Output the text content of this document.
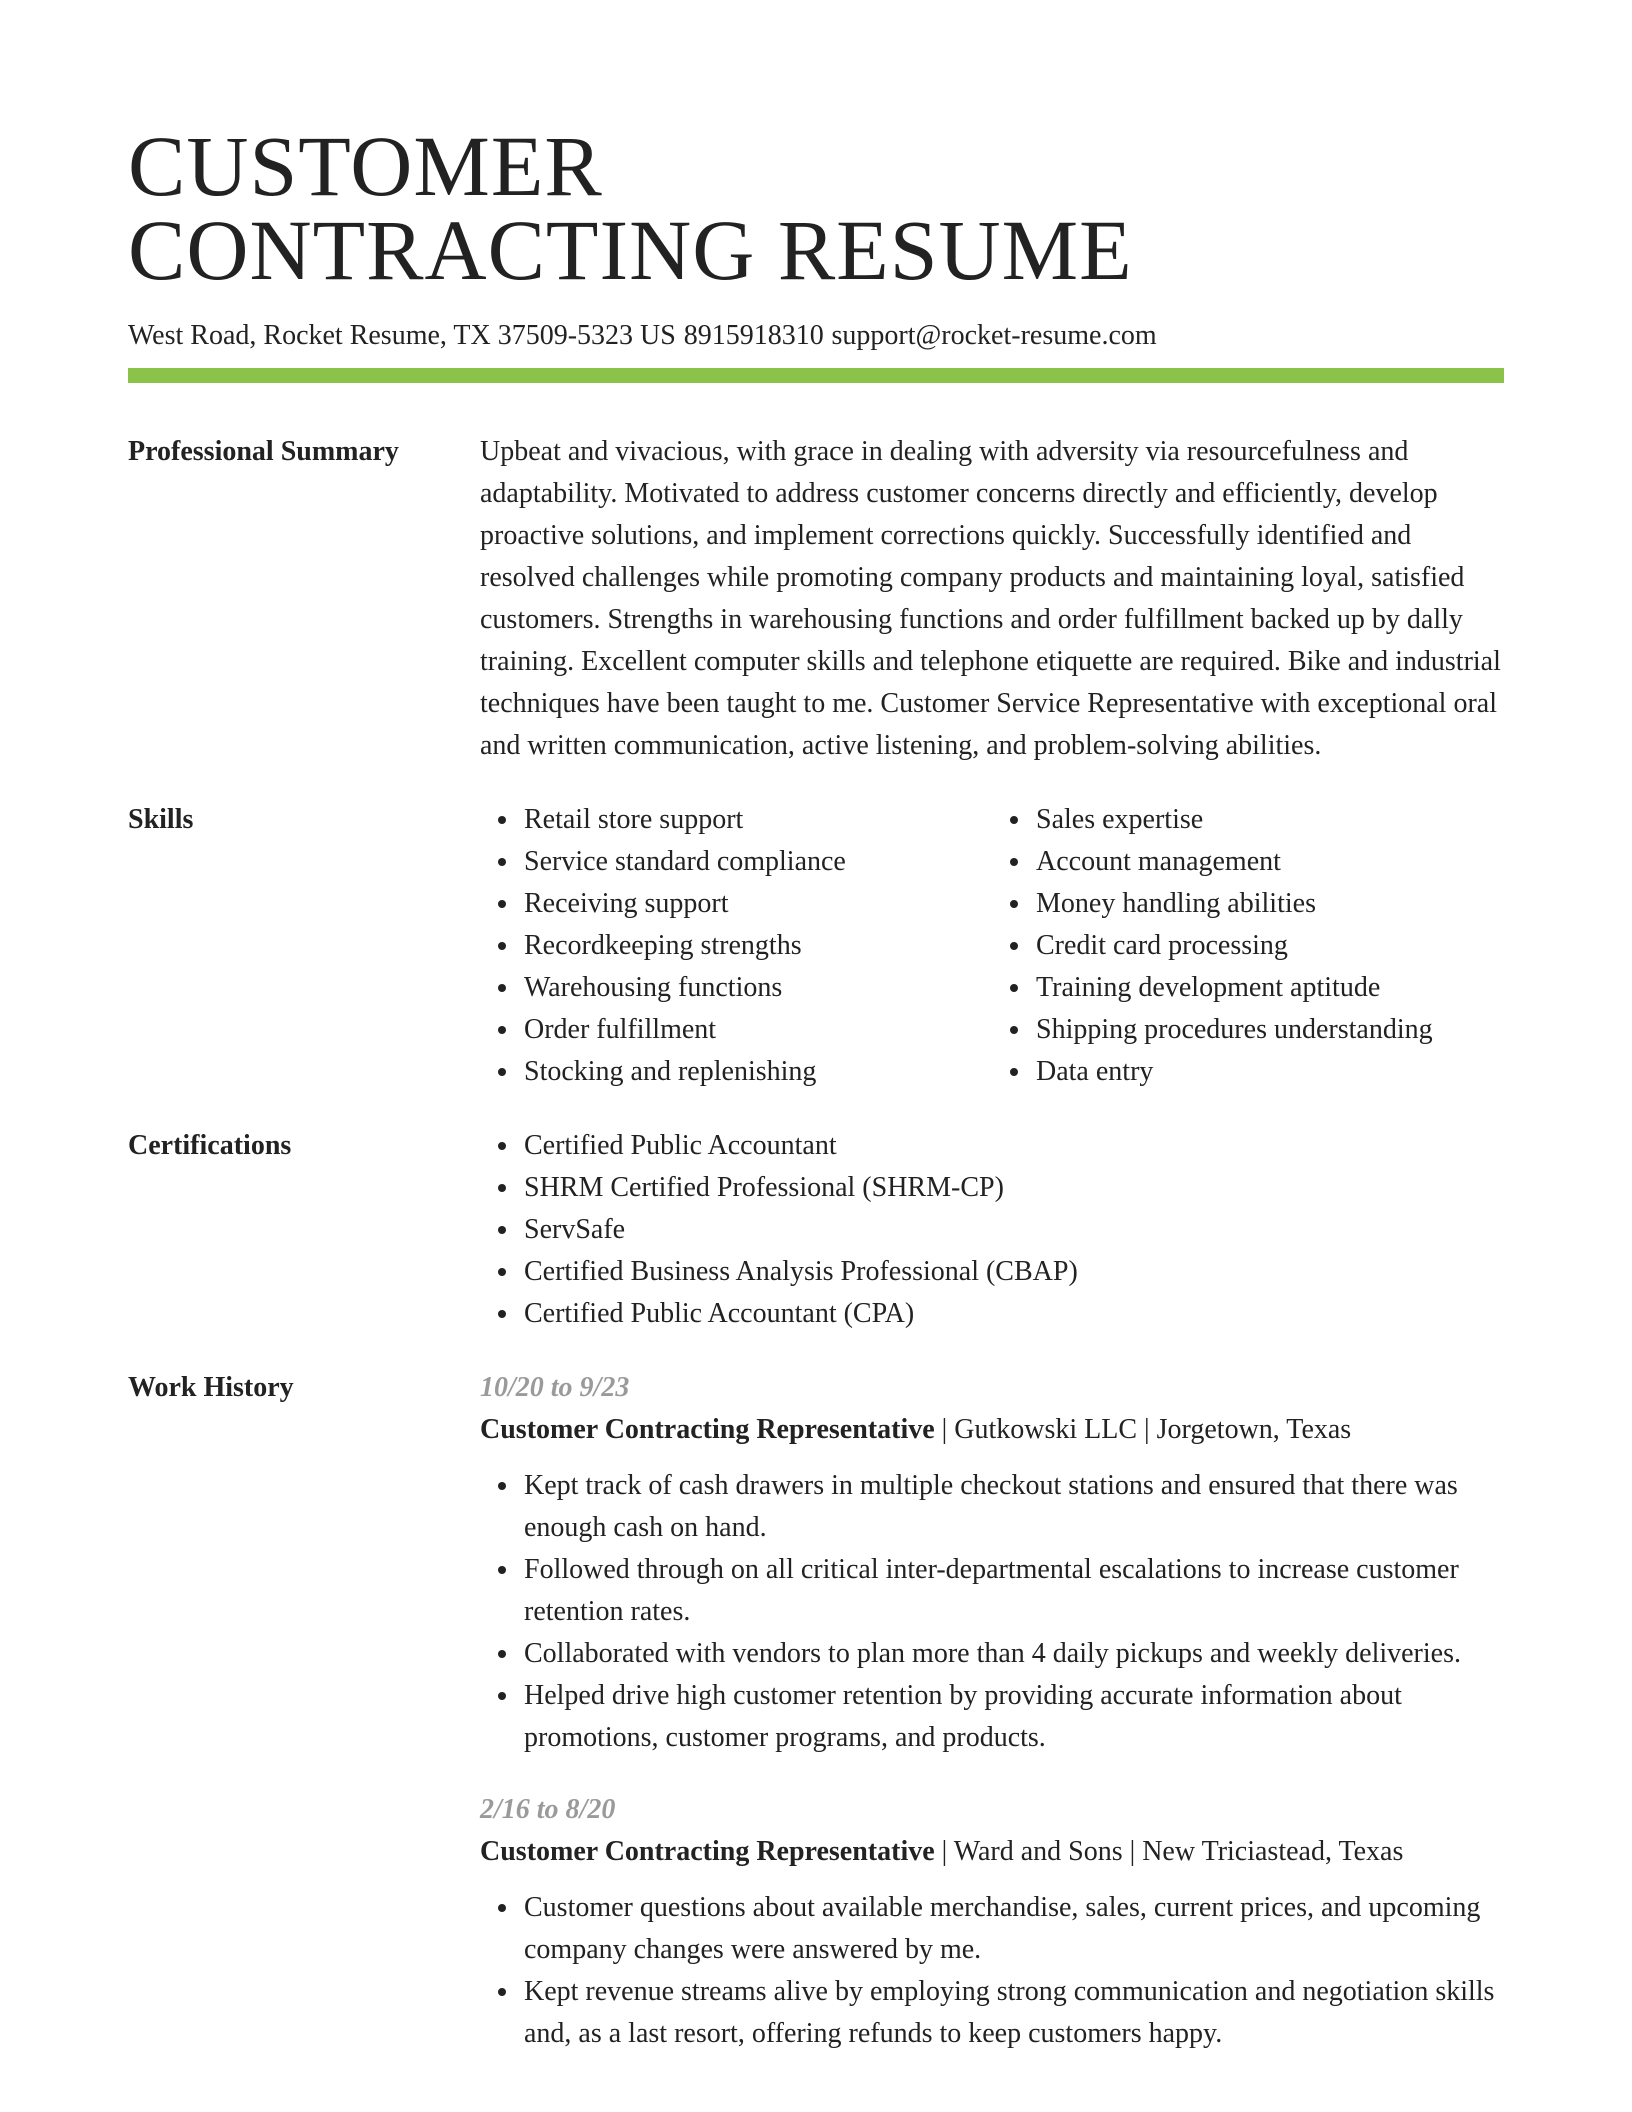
CUSTOMER
CONTRACTING RESUME
West Road, Rocket Resume, TX 37509-5323 US 8915918310 support@rocket-resume.com
Professional Summary	Upbeat and vivacious, with grace in dealing with adversity via resourcefulness and adaptability. Motivated to address customer concerns directly and efficiently, develop proactive solutions, and implement corrections quickly. Successfully identified and resolved challenges while promoting company products and maintaining loyal, satisfied customers. Strengths in warehousing functions and order fulfillment backed up by dally training. Excellent computer skills and telephone etiquette are required. Bike and industrial techniques have been taught to me. Customer Service Representative with exceptional oral and written communication, active listening, and problem-solving abilities.

Skills	Retail store support
Service standard compliance
Receiving support
Recordkeeping strengths
Warehousing functions
Order fulfillment
Stocking and replenishing
Sales expertise
Account management
Money handling abilities
Credit card processing
Training development aptitude
Shipping procedures understanding
Data entry
Certifications	Certified Public Accountant
SHRM Certified Professional (SHRM-CP)
ServSafe
Certified Business Analysis Professional (CBAP)
Certified Public Accountant (CPA)
Work History	10/20 to 9/23
Customer Contracting Representative | Gutkowski LLC | Jorgetown, Texas
Kept track of cash drawers in multiple checkout stations and ensured that there was enough cash on hand.
Followed through on all critical inter-departmental escalations to increase customer retention rates.
Collaborated with vendors to plan more than 4 daily pickups and weekly deliveries.
Helped drive high customer retention by providing accurate information about promotions, customer programs, and products.
2/16 to 8/20
Customer Contracting Representative | Ward and Sons | New Triciastead, Texas
Customer questions about available merchandise, sales, current prices, and upcoming company changes were answered by me.
Kept revenue streams alive by employing strong communication and negotiation skills and, as a last resort, offering refunds to keep customers happy.
